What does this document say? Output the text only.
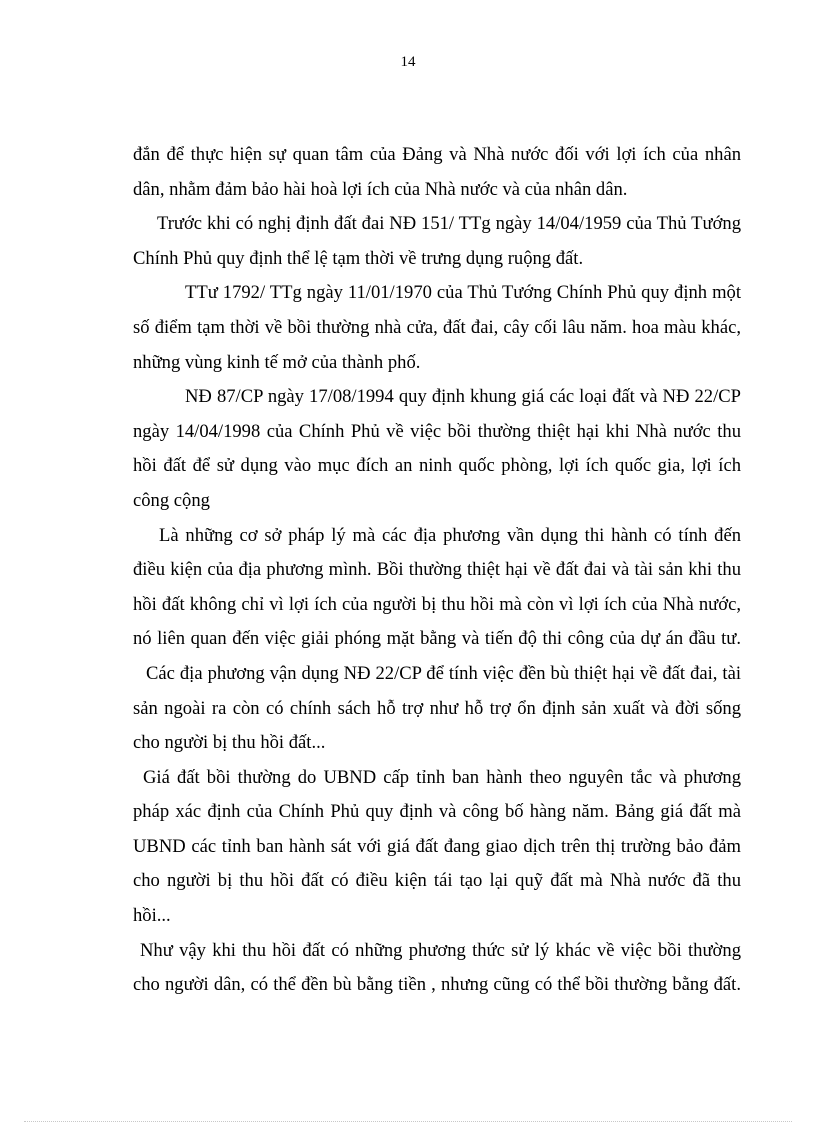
14
đắn để thực hiện sự quan tâm của Đảng và Nhà nước đối với lợi ích của nhân
dân, nhằm đảm bảo hài hoà lợi ích của Nhà nước và của nhân dân.
Trước khi có nghị định đất đai NĐ 151/ TTg ngày 14/04/1959 của Thủ Tướng
Chính Phủ quy định thể lệ tạm thời về trưng dụng ruộng đất.
TTư 1792/ TTg ngày 11/01/1970 của Thủ Tướng Chính Phủ quy định một
số điểm tạm thời về bồi thường nhà cửa, đất đai, cây cối lâu năm. hoa màu khác,
những vùng kinh tế mở của thành phố.
NĐ 87/CP ngày 17/08/1994 quy định khung giá các loại đất và NĐ 22/CP
ngày 14/04/1998 của Chính Phủ về việc bồi thường thiệt hại khi Nhà nước thu
hồi đất để sử dụng vào mục đích an ninh quốc phòng, lợi ích quốc gia, lợi ích
công cộng
Là những cơ sở pháp lý mà các địa phương vần dụng thi hành có tính đến
điều kiện của địa phương mình. Bồi thường thiệt hại về đất đai và tài sản khi thu
hồi đất không chỉ vì lợi ích của người bị thu hồi mà còn vì lợi ích của Nhà nước,
nó liên quan đến việc giải phóng mặt bằng và tiến độ thi công của dự án đầu tư.
Các địa phương vận dụng NĐ 22/CP để tính việc đền bù thiệt hại về đất đai, tài
sản ngoài ra còn có chính sách hỗ trợ như hỗ trợ ổn định sản xuất và đời sống
cho người bị thu hồi đất...
Giá đất bồi thường do UBND cấp tỉnh ban hành theo nguyên tắc và phương
pháp xác định của Chính Phủ quy định và công bố hàng năm. Bảng giá đất mà
UBND các tỉnh ban hành sát với giá đất đang giao dịch trên thị trường bảo đảm
cho người bị thu hồi đất có điều kiện tái tạo lại quỹ đất mà Nhà nước đã thu
hồi...
Như vậy khi thu hồi đất có những phương thức sử lý khác về việc bồi thường
cho người dân, có thể đền bù bằng tiền , nhưng cũng có thể bồi thường bằng đất.
